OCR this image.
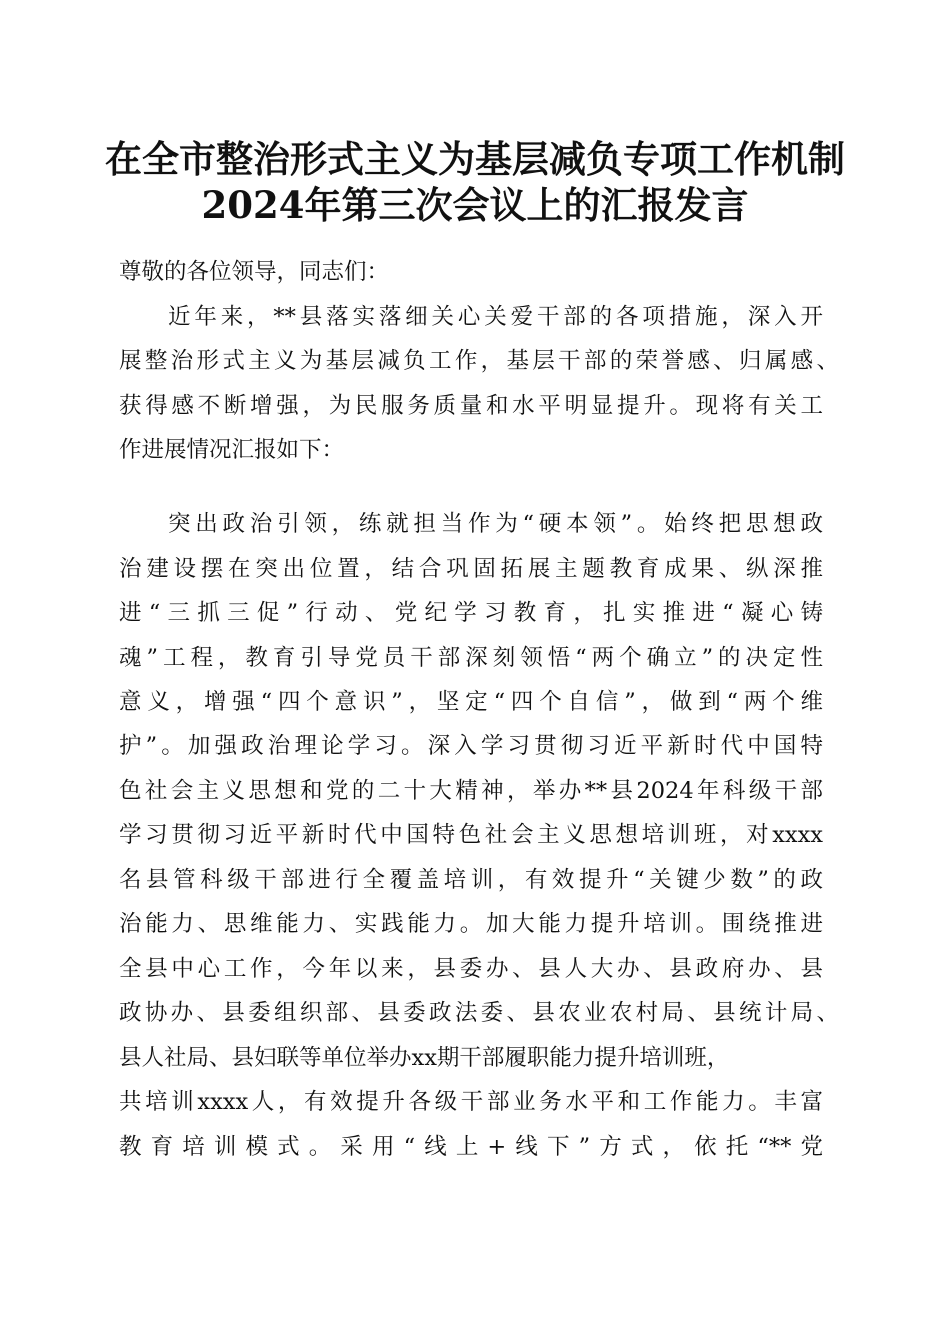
在全市整治形式主义为基层减负专项工作机制
2024年第三次会议上的汇报发言
尊敬的各位领导，同志们：
近年来，**县落实落细关心关爱干部的各项措施，深入开
展整治形式主义为基层减负工作，基层干部的荣誉感、归属感、
获得感不断增强，为民服务质量和水平明显提升。现将有关工
作进展情况汇报如下：
突出政治引领，练就担当作为“硬本领”。始终把思想政
治建设摆在突出位置，结合巩固拓展主题教育成果、纵深推
进“三抓三促”行动、党纪学习教育，扎实推进“凝心铸
魂”工程，教育引导党员干部深刻领悟“两个确立”的决定性
意义，增强“四个意识”，坚定“四个自信”，做到“两个维
护”。加强政治理论学习。深入学习贯彻习近平新时代中国特
色社会主义思想和党的二十大精神，举办**县2024年科级干部
学习贯彻习近平新时代中国特色社会主义思想培训班，对xxxx
名县管科级干部进行全覆盖培训，有效提升“关键少数”的政
治能力、思维能力、实践能力。加大能力提升培训。围绕推进
全县中心工作，今年以来，县委办、县人大办、县政府办、县
政协办、县委组织部、县委政法委、县农业农村局、县统计局、
县人社局、县妇联等单位举办xx期干部履职能力提升培训班，
共培训xxxx人，有效提升各级干部业务水平和工作能力。丰富
教育培训模式。采用“线上+线下”方式，依托“**党
